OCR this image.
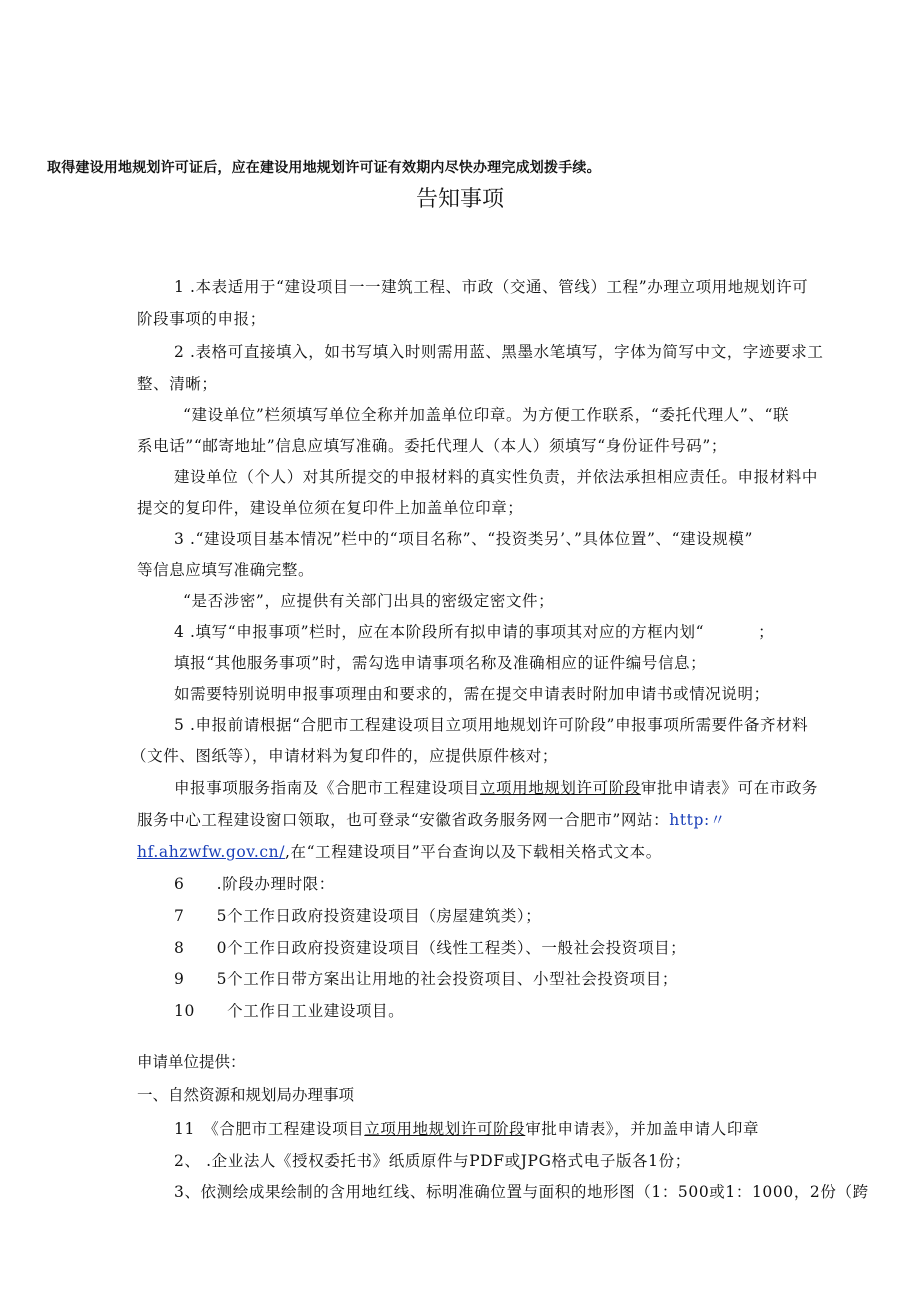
取得建设用地规划许可证后，应在建设用地规划许可证有效期内尽快办理完成划拨手续。
告知事项
1 .本表适用于“建设项目一一建筑工程、市政（交通、管线）工程”办理立项用地规划许可
阶段事项的申报；
2 .表格可直接填入，如书写填入时则需用蓝、黑墨水笔填写，字体为简写中文，字迹要求工
整、清晰；
“建设单位”栏须填写单位全称并加盖单位印章。为方便工作联系，“委托代理人”、“联
系电话”“邮寄地址”信息应填写准确。委托代理人（本人）须填写“身份证件号码”；
建设单位（个人）对其所提交的申报材料的真实性负责，并依法承担相应责任。申报材料中
提交的复印件，建设单位须在复印件上加盖单位印章；
3 .“建设项目基本情况”栏中的“项目名称”、“投资类另’、”具体位置”、“建设规模”
等信息应填写准确完整。
“是否涉密”，应提供有关部门出具的密级定密文件；
4 .填写“申报事项”栏时，应在本阶段所有拟申请的事项其对应的方框内划“	；
填报“其他服务事项”时，需勾选申请事项名称及准确相应的证件编号信息；
如需要特别说明申报事项理由和要求的，需在提交申请表时附加申请书或情况说明；
5 .申报前请根据“合肥市工程建设项目立项用地规划许可阶段”申报事项所需要件备齐材料
（文件、图纸等），申请材料为复印件的，应提供原件核对；
申报事项服务指南及《合肥市工程建设项目立项用地规划许可阶段审批申请表》可在市政务
服务中心工程建设窗口领取，也可登录“安徽省政务服务网一合肥市”网站：http:〃
hf.ahzwfw.gov.cn/,在“工程建设项目”平台查询以及下载相关格式文本。
6　　.阶段办理时限：
7　　5个工作日政府投资建设项目（房屋建筑类）；
8　　0个工作日政府投资建设项目（线性工程类）、一般社会投资项目；
9　　5个工作日带方案出让用地的社会投资项目、小型社会投资项目；
10　　个工作日工业建设项目。
申请单位提供：
一、自然资源和规划局办理事项
11　《合肥市工程建设项目立项用地规划许可阶段审批申请表》，并加盖申请人印章
2、 .企业法人《授权委托书》纸质原件与PDF或JPG格式电子版各1份；
3、依测绘成果绘制的含用地红线、标明准确位置与面积的地形图（1：500或1：1000，2份（跨
